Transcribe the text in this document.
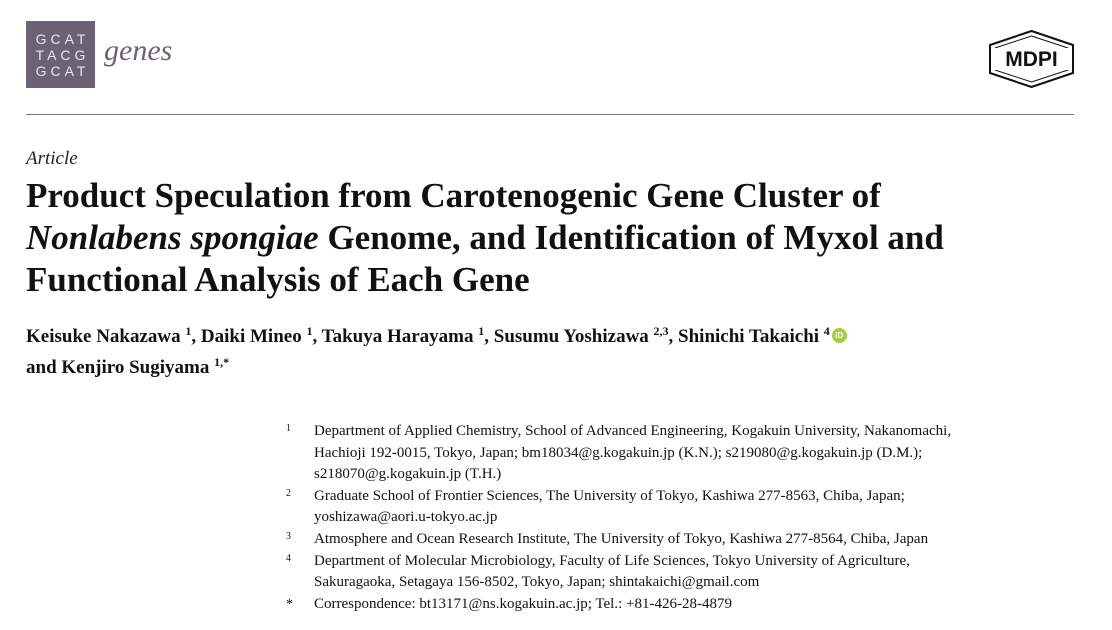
GCAT
TACG
GCAT
genes	MDPI
Article
Product Speculation from Carotenogenic Gene Cluster of
Nonlabens spongiae Genome, and Identification of Myxol and
Functional Analysis of Each Gene
Keisuke Nakazawa $^1$, Daiki Mineo $^1$, Takuya Harayama $^1$, Susumu Yoshizawa $^{2,3}$, Shinichi Takaichi $^4$ iD
and Kenjiro Sugiyama $^{1,*}$
1	Department of Applied Chemistry, School of Advanced Engineering, Kogakuin University, Nakanomachi,
Hachioji 192-0015, Tokyo, Japan; bm18034@g.kogakuin.jp (K.N.); s219080@g.kogakuin.jp (D.M.);
s218070@g.kogakuin.jp (T.H.)
2	Graduate School of Frontier Sciences, The University of Tokyo, Kashiwa 277-8563, Chiba, Japan;
yoshizawa@aori.u-tokyo.ac.jp
3	Atmosphere and Ocean Research Institute, The University of Tokyo, Kashiwa 277-8564, Chiba, Japan
4	Department of Molecular Microbiology, Faculty of Life Sciences, Tokyo University of Agriculture,
Sakuragaoka, Setagaya 156-8502, Tokyo, Japan; shintakaichi@gmail.com
*	Correspondence: bt13171@ns.kogakuin.ac.jp; Tel.: +81-426-28-4879
